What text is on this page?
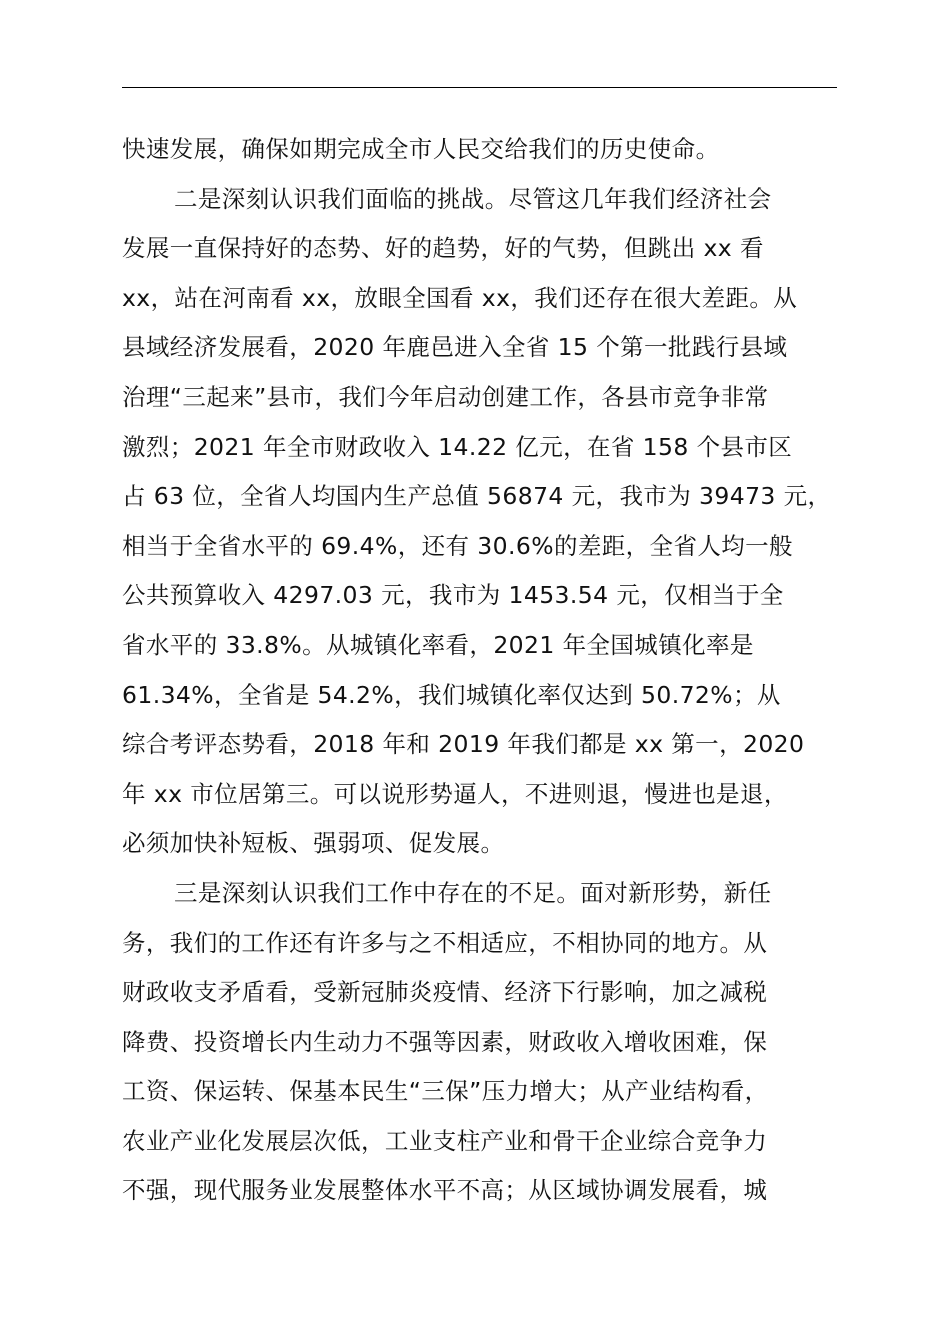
快速发展，确保如期完成全市人民交给我们的历史使命。
二是深刻认识我们面临的挑战。尽管这几年我们经济社会
发展一直保持好的态势、好的趋势，好的气势，但跳出 xx 看
xx，站在河南看 xx，放眼全国看 xx，我们还存在很大差距。从
县域经济发展看，2020 年鹿邑进入全省 15 个第一批践行县域
治理“三起来”县市，我们今年启动创建工作，各县市竞争非常
激烈；2021 年全市财政收入 14.22 亿元，在省 158 个县市区
占 63 位，全省人均国内生产总值 56874 元，我市为 39473 元，
相当于全省水平的 69.4%，还有 30.6%的差距，全省人均一般
公共预算收入 4297.03 元，我市为 1453.54 元，仅相当于全
省水平的 33.8%。从城镇化率看，2021 年全国城镇化率是
61.34%，全省是 54.2%，我们城镇化率仅达到 50.72%；从
综合考评态势看，2018 年和 2019 年我们都是 xx 第一，2020
年 xx 市位居第三。可以说形势逼人，不进则退，慢进也是退，
必须加快补短板、强弱项、促发展。
三是深刻认识我们工作中存在的不足。面对新形势，新任
务，我们的工作还有许多与之不相适应，不相协同的地方。从
财政收支矛盾看，受新冠肺炎疫情、经济下行影响，加之减税
降费、投资增长内生动力不强等因素，财政收入增收困难，保
工资、保运转、保基本民生“三保”压力增大；从产业结构看，
农业产业化发展层次低，工业支柱产业和骨干企业综合竞争力
不强，现代服务业发展整体水平不高；从区域协调发展看，城
